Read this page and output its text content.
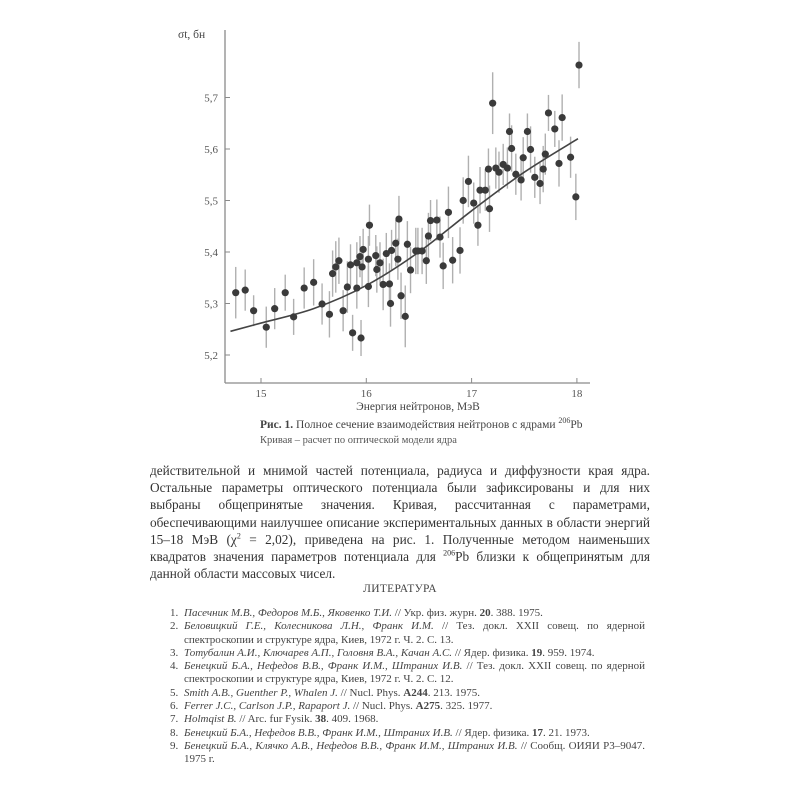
15	16	17	18
5,2
5,3
5,4
5,5
5,6
5,7
σt, бн
Энергия нейтронов, МэВ
Рис. 1. Полное сечение взаимодействия нейтронов с ядрами $^{206}$Pb
Кривая – расчет по оптической модели ядра

действительной и мнимой частей потенциала, радиуса и диффузности края ядра. Остальные параметры оптического потенциала были зафиксированы и для них выбраны общепринятые значения. Кривая, рассчитанная с параметрами, обеспечивающими наилучшее описание экспериментальных данных в области энергий 15–18 МэВ $(\chi^2 = 2,02)$, приведена на рис. 1. Полученные методом наименьших квадратов значения параметров потенциала для $^{206}$Pb близки к общепринятым для данной области массовых чисел.

ЛИТЕРАТУРА
1. Пасечник М.В., Федоров М.Б., Яковенко Т.И. // Укр. физ. журн. 20. 388. 1975.
2. Беловицкий Г.Е., Колесникова Л.Н., Франк И.М. // Тез. докл. XXII совещ. по ядерной спектроскопии и структуре ядра, Киев, 1972 г. Ч. 2. С. 13.
3. Тотубалин А.И., Ключарев А.П., Головня В.А., Качан А.С. // Ядер. физика. 19. 959. 1974.
4. Бенецкий Б.А., Нефедов В.В., Франк И.М., Штраних И.В. // Тез. докл. XXII совещ. по ядерной спектроскопии и структуре ядра, Киев, 1972 г. Ч. 2. С. 12.
5. Smith A.B., Guenther P., Whalen J. // Nucl. Phys. A244. 213. 1975.
6. Ferrer J.C., Carlson J.P., Rapaport J. // Nucl. Phys. A275. 325. 1977.
7. Holmqist B. // Arc. fur Fysik. 38. 409. 1968.
8. Бенецкий Б.А., Нефедов В.В., Франк И.М., Штраних И.В. // Ядер. физика. 17. 21. 1973.
9. Бенецкий Б.А., Клячко А.В., Нефедов В.В., Франк И.М., Штраних И.В. // Сообщ. ОИЯИ Р3–9047. 1975 г.
